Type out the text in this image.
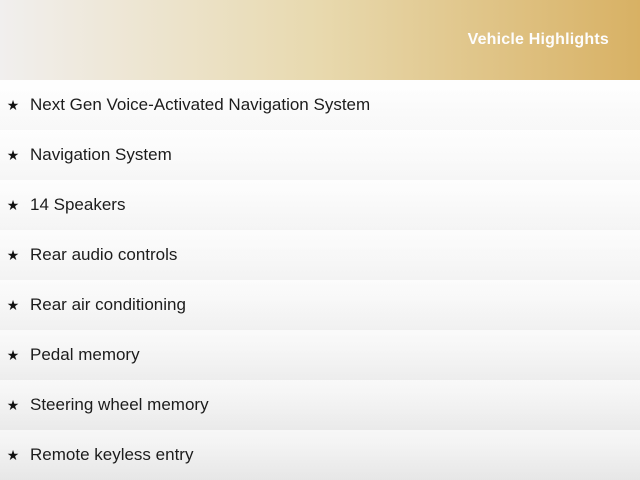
Vehicle Highlights
★ Next Gen Voice-Activated Navigation System
★ Navigation System
★ 14 Speakers
★ Rear audio controls
★ Rear air conditioning
★ Pedal memory
★ Steering wheel memory
★ Remote keyless entry
